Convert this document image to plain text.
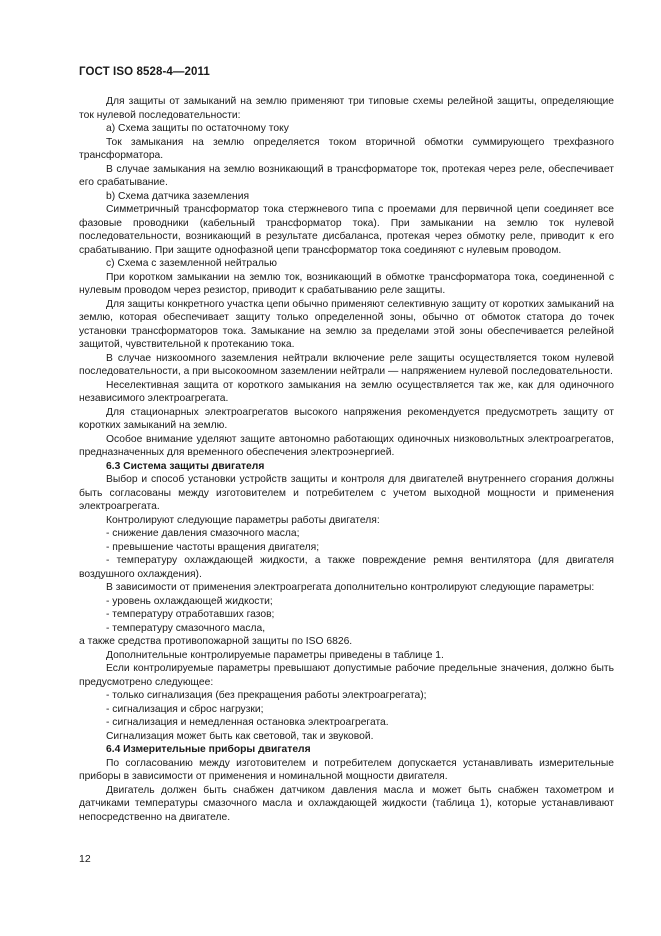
ГОСТ ISO 8528-4—2011

Для защиты от замыканий на землю применяют три типовые схемы релейной защиты, определяющие ток нулевой последовательности:

а) Схема защиты по остаточному току

Ток замыкания на землю определяется током вторичной обмотки суммирующего трехфазного трансформатора.

В случае замыкания на землю возникающий в трансформаторе ток, протекая через реле, обеспечивает его срабатывание.

b) Схема датчика заземления

Симметричный трансформатор тока стержневого типа с проемами для первичной цепи соединяет все фазовые проводники (кабельный трансформатор тока). При замыкании на землю ток нулевой последовательности, возникающий в результате дисбаланса, протекая через обмотку реле, приводит к его срабатыванию. При защите однофазной цепи трансформатор тока соединяют с нулевым проводом.

c) Схема с заземленной нейтралью

При коротком замыкании на землю ток, возникающий в обмотке трансформатора тока, соединенной с нулевым проводом через резистор, приводит к срабатыванию реле защиты.

Для защиты конкретного участка цепи обычно применяют селективную защиту от коротких замыканий на землю, которая обеспечивает защиту только определенной зоны, обычно от обмоток статора до точек установки трансформаторов тока. Замыкание на землю за пределами этой зоны обеспечивается релейной защитой, чувствительной к протеканию тока.

В случае низкоомного заземления нейтрали включение реле защиты осуществляется током нулевой последовательности, а при высокоомном заземлении нейтрали — напряжением нулевой последовательности.

Неселективная защита от короткого замыкания на землю осуществляется так же, как для одиночного независимого электроагрегата.

Для стационарных электроагрегатов высокого напряжения рекомендуется предусмотреть защиту от коротких замыканий на землю.

Особое внимание уделяют защите автономно работающих одиночных низковольтных электроагрегатов, предназначенных для временного обеспечения электроэнергией.

6.3 Система защиты двигателя

Выбор и способ установки устройств защиты и контроля для двигателей внутреннего сгорания должны быть согласованы между изготовителем и потребителем с учетом выходной мощности и применения электроагрегата.

Контролируют следующие параметры работы двигателя:

- снижение давления смазочного масла;

- превышение частоты вращения двигателя;

- температуру охлаждающей жидкости, а также повреждение ремня вентилятора (для двигателя воздушного охлаждения).

В зависимости от применения электроагрегата дополнительно контролируют следующие параметры:

- уровень охлаждающей жидкости;

- температуру отработавших газов;

- температуру смазочного масла,

а также средства противопожарной защиты по ISO 6826.

Дополнительные контролируемые параметры приведены в таблице 1.

Если контролируемые параметры превышают допустимые рабочие предельные значения, должно быть предусмотрено следующее:

- только сигнализация (без прекращения работы электроагрегата);

- сигнализация и сброс нагрузки;

- сигнализация и немедленная остановка электроагрегата.

Сигнализация может быть как световой, так и звуковой.

6.4 Измерительные приборы двигателя

По согласованию между изготовителем и потребителем допускается устанавливать измерительные приборы в зависимости от применения и номинальной мощности двигателя.

Двигатель должен быть снабжен датчиком давления масла и может быть снабжен тахометром и датчиками температуры смазочного масла и охлаждающей жидкости (таблица 1), которые устанавливают непосредственно на двигателе.

12
